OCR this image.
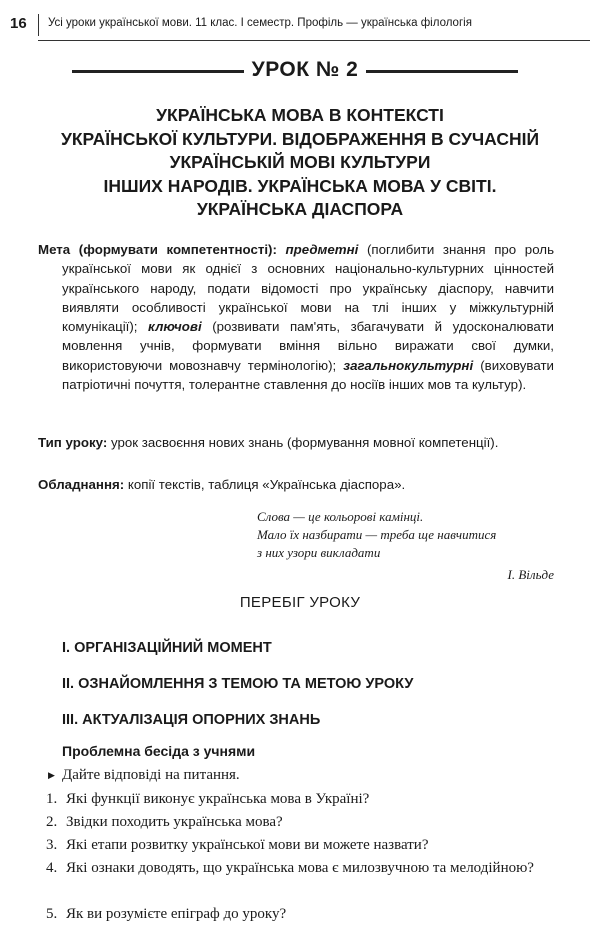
16 Усі уроки української мови. 11 клас. І семестр. Профіль — українська філологія
УРОК № 2
УКРАЇНСЬКА МОВА В КОНТЕКСТІ
УКРАЇНСЬКОЇ КУЛЬТУРИ. ВІДОБРАЖЕННЯ В СУЧАСНІЙ
УКРАЇНСЬКІЙ МОВІ КУЛЬТУРИ
ІНШИХ НАРОДІВ. УКРАЇНСЬКА МОВА У СВІТІ.
УКРАЇНСЬКА ДІАСПОРА
Мета (формувати компетентності): предметні (поглибити знання про роль української мови як однієї з основних національно-культурних цінностей українського народу, подати відомості про українську діаспору, навчити виявляти особливості української мови на тлі інших у міжкультурній комунікації); ключові (розвивати пам'ять, збагачувати й удосконалювати мовлення учнів, формувати вміння вільно виражати свої думки, використовуючи мовознавчу термінологію); загальнокультурні (виховувати патріотичні почуття, толерантне ставлення до носіїв інших мов та культур).
Тип уроку: урок засвоєння нових знань (формування мовної компетенції).
Обладнання: копії текстів, таблиця «Українська діаспора».
Слова — це кольорові камінці.
Мало їх назбирати — треба ще навчитися
з них узори викладати
І. Вільде
ПЕРЕБІГ УРОКУ
І. ОРГАНІЗАЦІЙНИЙ МОМЕНТ
ІІ. ОЗНАЙОМЛЕННЯ З ТЕМОЮ ТА МЕТОЮ УРОКУ
ІІІ. АКТУАЛІЗАЦІЯ ОПОРНИХ ЗНАНЬ
Проблемна бесіда з учнями
▶ Дайте відповіді на питання.
1. Які функції виконує українська мова в Україні?
2. Звідки походить українська мова?
3. Які етапи розвитку української мови ви можете назвати?
4. Які ознаки доводять, що українська мова є милозвучною та мелодійною?
5. Як ви розумієте епіграф до уроку?
